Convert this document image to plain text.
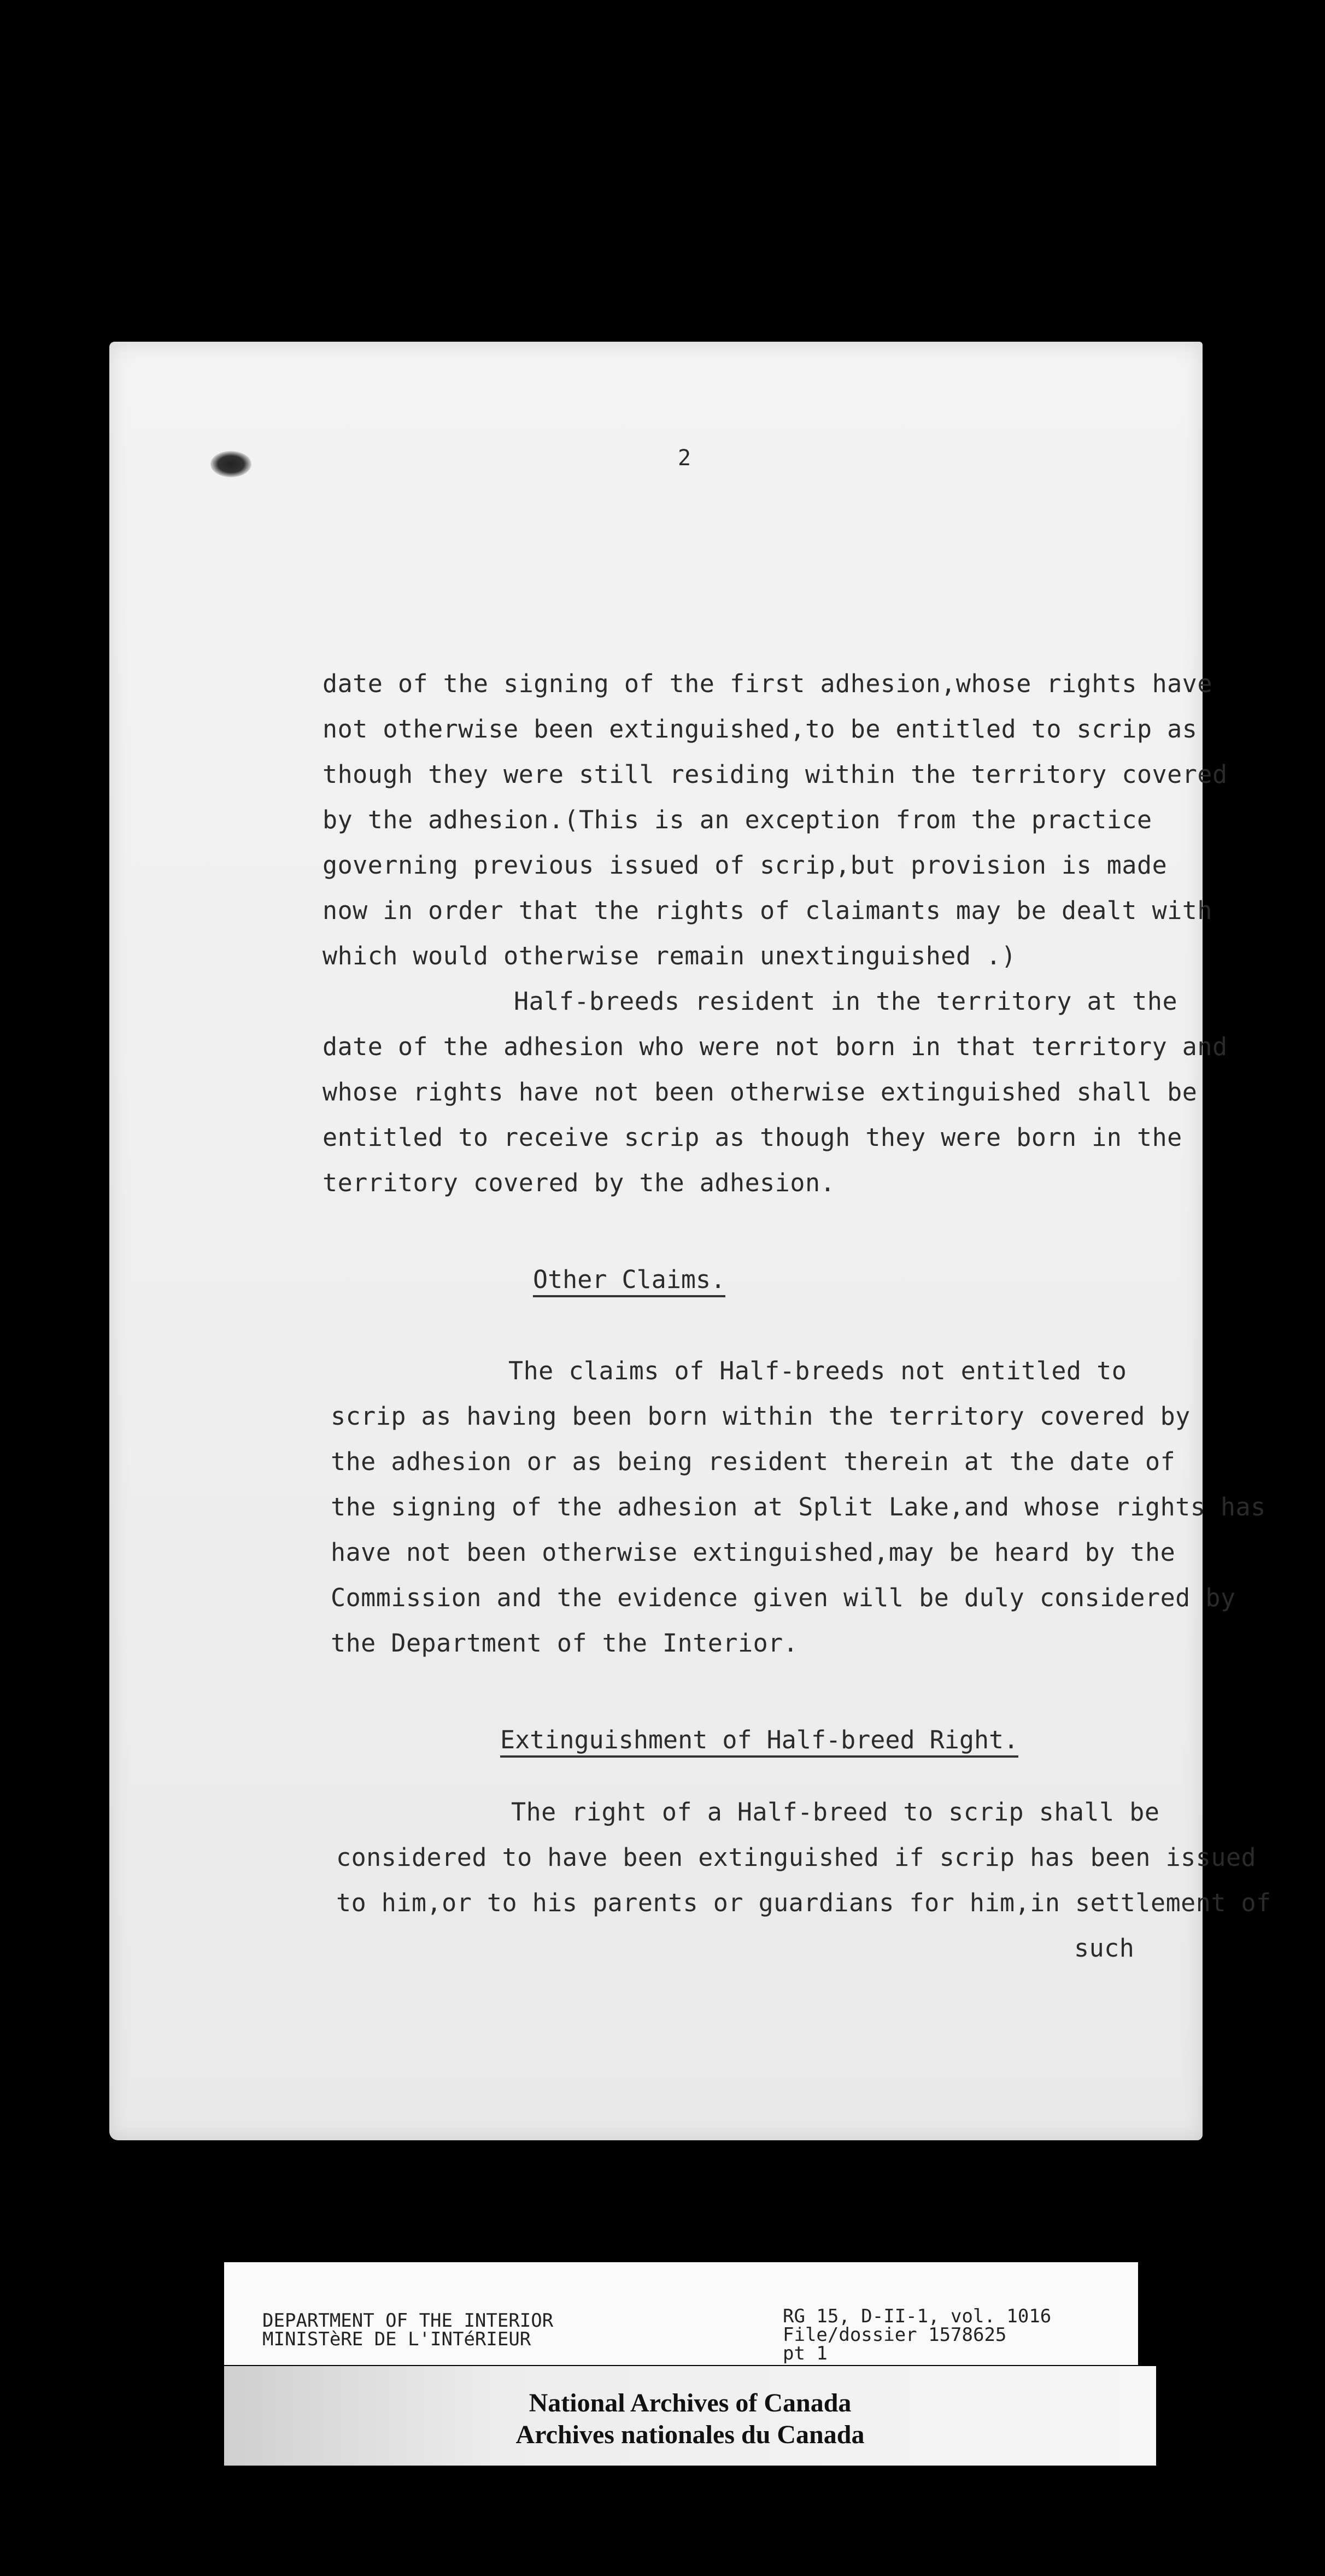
2
date of the signing of the first adhesion,whose rights have
not otherwise been extinguished,to be entitled to scrip as
though they were still residing within the territory covered
by the adhesion.(This is an exception from the practice
governing previous issued of scrip,but provision is made
now in order that the rights of claimants may be dealt with
which would otherwise remain unextinguished .)
Half-breeds resident in the territory at the
date of the adhesion who were not born in that territory and
whose rights have not been otherwise extinguished shall be
entitled to receive scrip as though they were born in the
territory covered by the adhesion.
Other Claims.
The claims of Half-breeds not entitled to
scrip as having been born within the territory covered by
the adhesion or as being resident therein at the date of
the signing of the adhesion at Split Lake,and whose rights has
have not been otherwise extinguished,may be heard by the
Commission and the evidence given will be duly considered by
the Department of the Interior.
Extinguishment of Half-breed Right.
The right of a Half-breed to scrip shall be
considered to have been extinguished if scrip has been issued
to him,or to his parents or guardians for him,in settlement of
such
DEPARTMENT OF THE INTERIOR
MINISTèRE DE L'INTéRIEUR
RG 15, D-II-1, vol. 1016
File/dossier 1578625
pt 1
National Archives of Canada
Archives nationales du Canada
